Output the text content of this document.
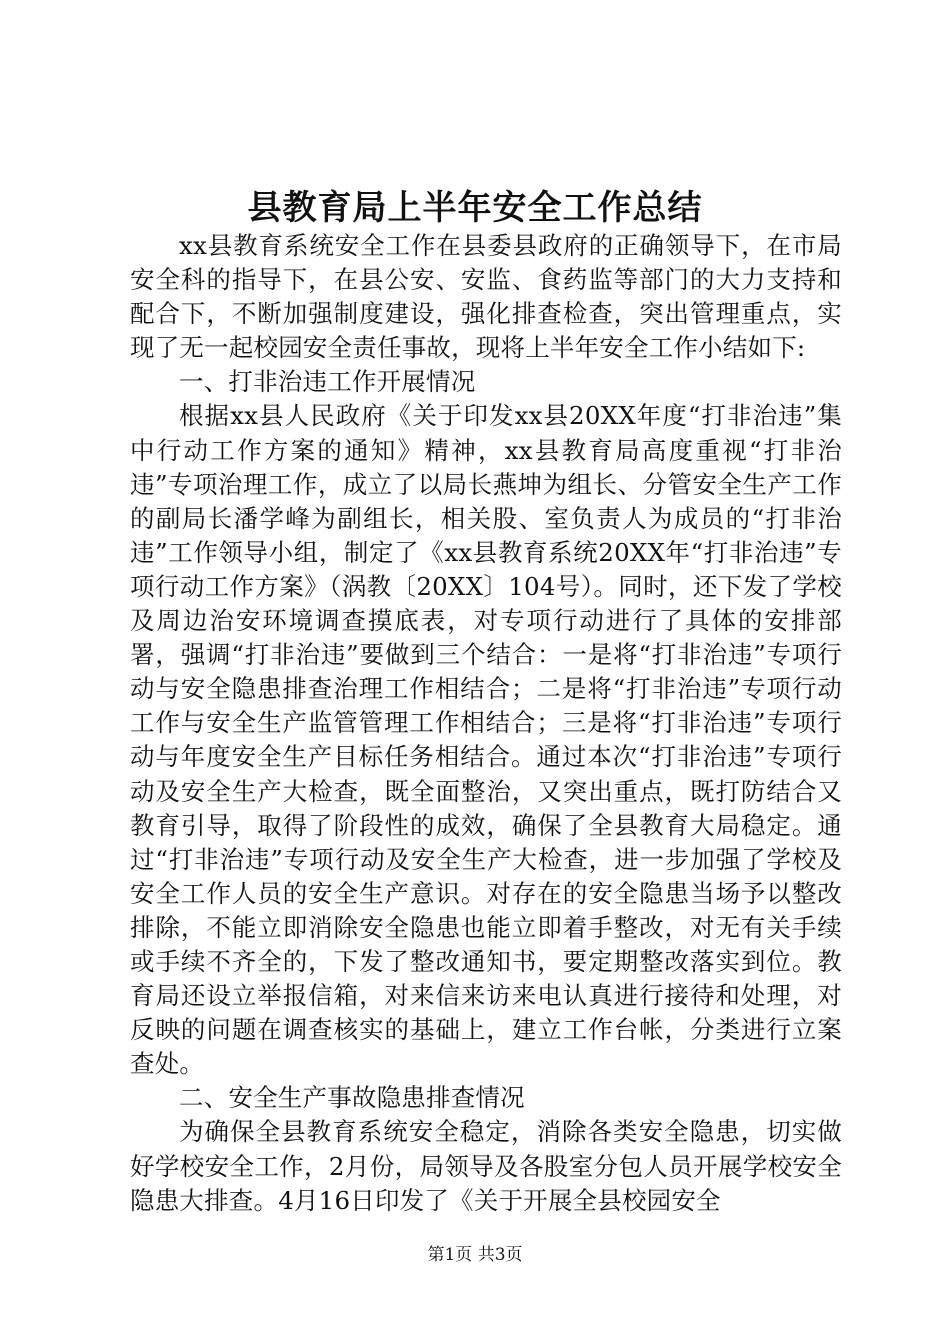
县教育局上半年安全工作总结

xx县教育系统安全工作在县委县政府的正确领导下，在市局安全科的指导下，在县公安、安监、食药监等部门的大力支持和配合下，不断加强制度建设，强化排查检查，突出管理重点，实现了无一起校园安全责任事故，现将上半年安全工作小结如下:

一、打非治违工作开展情况

根据xx县人民政府《关于印发xx县20XX年度“打非治违”集中行动工作方案的通知》精神，xx县教育局高度重视“打非治违”专项治理工作，成立了以局长燕坤为组长、分管安全生产工作的副局长潘学峰为副组长，相关股、室负责人为成员的“打非治违”工作领导小组，制定了《xx县教育系统20XX年“打非治违”专项行动工作方案》（涡教〔20XX〕104号）。同时，还下发了学校及周边治安环境调查摸底表，对专项行动进行了具体的安排部署，强调“打非治违”要做到三个结合：一是将“打非治违”专项行动与安全隐患排查治理工作相结合；二是将“打非治违”专项行动工作与安全生产监管管理工作相结合；三是将“打非治违”专项行动与年度安全生产目标任务相结合。通过本次“打非治违”专项行动及安全生产大检查，既全面整治，又突出重点，既打防结合又教育引导，取得了阶段性的成效，确保了全县教育大局稳定。通过“打非治违”专项行动及安全生产大检查，进一步加强了学校及安全工作人员的安全生产意识。对存在的安全隐患当场予以整改排除，不能立即消除安全隐患也能立即着手整改，对无有关手续或手续不齐全的，下发了整改通知书，要定期整改落实到位。教育局还设立举报信箱，对来信来访来电认真进行接待和处理，对反映的问题在调查核实的基础上，建立工作台帐，分类进行立案查处。

二、安全生产事故隐患排查情况

为确保全县教育系统安全稳定，消除各类安全隐患，切实做好学校安全工作，2月份，局领导及各股室分包人员开展学校安全隐患大排查。4月16日印发了《关于开展全县校园安全

第1页 共3页
